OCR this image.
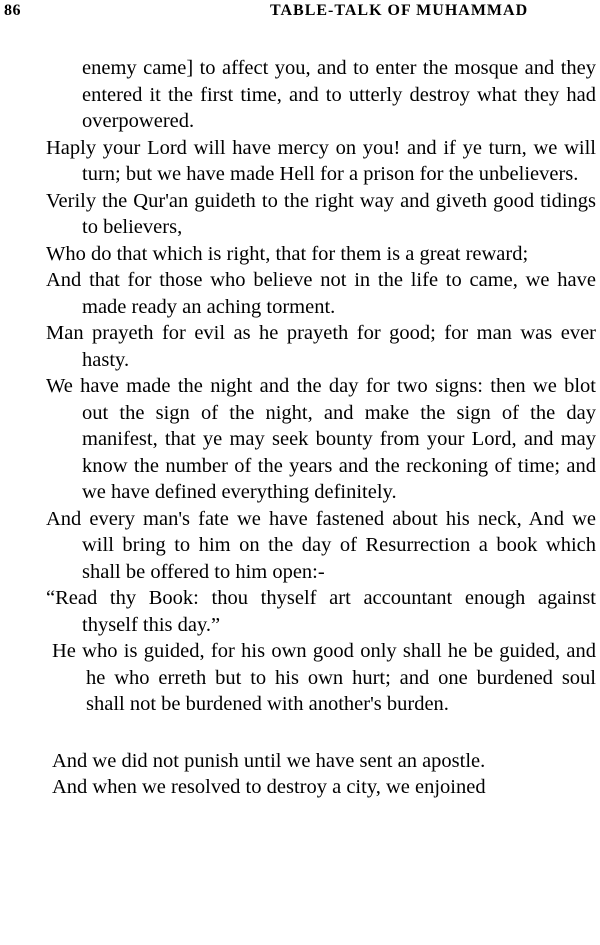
86	TABLE-TALK OF MUHAMMAD

enemy came] to affect you, and to enter the mosque and they entered it the first time, and to utterly destroy what they had overpowered.

Haply your Lord will have mercy on you! and if ye turn, we will turn; but we have made Hell for a prison for the unbelievers.

Verily the Qur'an guideth to the right way and giveth good tidings to believers,

Who do that which is right, that for them is a great reward;

And that for those who believe not in the life to came, we have made ready an aching torment.

Man prayeth for evil as he prayeth for good; for man was ever hasty.

We have made the night and the day for two signs: then we blot out the sign of the night, and make the sign of the day manifest, that ye may seek bounty from your Lord, and may know the number of the years and the reckoning of time; and we have defined everything definitely.

And every man's fate we have fastened about his neck, And we will bring to him on the day of Resurrection a book which shall be offered to him open:-

“Read thy Book: thou thyself art accountant enough against thyself this day.”

He who is guided, for his own good only shall he be guided, and he who erreth but to his own hurt; and one burdened soul shall not be burdened with another's burden.

And we did not punish until we have sent an apostle.

And when we resolved to destroy a city, we enjoined
